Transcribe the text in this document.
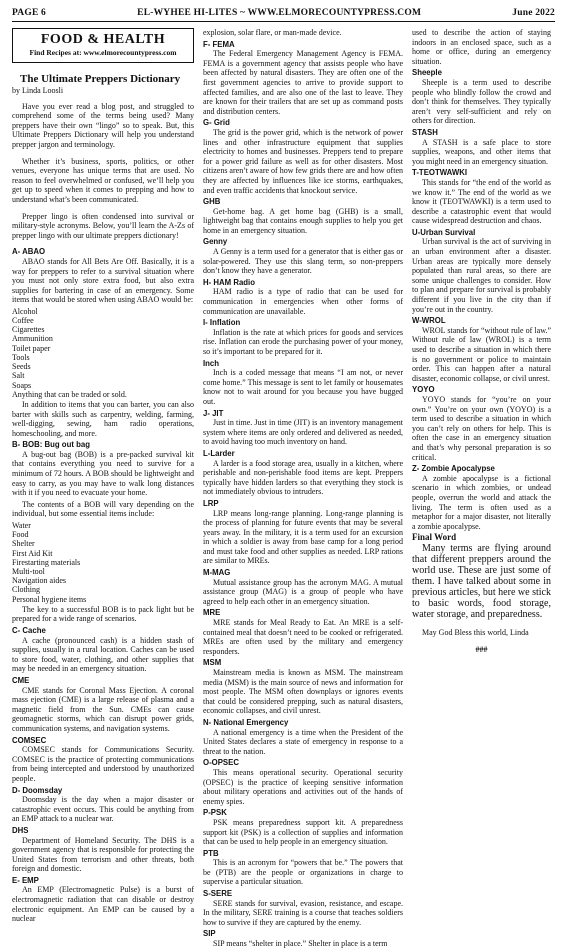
PAGE 6	EL-WYHEE HI-LITES ~ WWW.ELMORECOUNTYPRESS.COM	June 2022
FOOD & HEALTH
Find Recipes at: www.elmorecountypress.com
The Ultimate Preppers Dictionary
by Linda Loosli

Have you ever read a blog post, and struggled to comprehend some of the terms being used? Many preppers have their own “lingo” so to speak. But, this Ultimate Preppers Dictionary will help you understand prepper jargon and terminology.

Whether it’s business, sports, politics, or other venues, everyone has unique terms that are used. No reason to feel overwhelmed or confused, we’ll help you get up to speed when it comes to prepping and how to understand what’s been communicated.

Prepper lingo is often condensed into survival or military-style acronyms. Below, you’ll learn the A-Zs of prepper lingo with our ultimate preppers dictionary!

A- ABAO

ABAO stands for All Bets Are Off. Basically, it is a way for preppers to refer to a survival situation where you must not only store extra food, but also extra supplies for bartering in case of an emergency. Some items that would be stored when using ABAO would be:

Alcohol
Coffee
Cigarettes
Ammunition
Toilet paper
Tools
Seeds
Salt
Soaps
Anything that can be traded or sold.

In addition to items that you can barter, you can also barter with skills such as carpentry, welding, farming, well-digging, sewing, ham radio operations, homeschooling, and more.

B- BOB: Bug out bag

A bug-out bag (BOB) is a pre-packed survival kit that contains everything you need to survive for a minimum of 72 hours. A BOB should be lightweight and easy to carry, as you may have to walk long distances with it if you need to evacuate your home.

The contents of a BOB will vary depending on the individual, but some essential items include:

Water
Food
Shelter
First Aid Kit
Firestarting materials
Multi-tool
Navigation aides
Clothing
Personal hygiene items

The key to a successful BOB is to pack light but be prepared for a wide range of scenarios.

C- Cache

A cache (pronounced cash) is a hidden stash of supplies, usually in a rural location. Caches can be used to store food, water, clothing, and other supplies that may be needed in an emergency situation.

CME

CME stands for Coronal Mass Ejection. A coronal mass ejection (CME) is a large release of plasma and a magnetic field from the Sun. CMEs can cause geomagnetic storms, which can disrupt power grids, communication systems, and navigation systems.

COMSEC

COMSEC stands for Communications Security. COMSEC is the practice of protecting communications from being intercepted and understood by unauthorized people.

D- Doomsday

Doomsday is the day when a major disaster or catastrophic event occurs. This could be anything from an EMP attack to a nuclear war.

DHS

Department of Homeland Security. The DHS is a government agency that is responsible for protecting the United States from terrorism and other threats, both foreign and domestic.

E- EMP

An EMP (Electromagnetic Pulse) is a burst of electromagnetic radiation that can disable or destroy electronic equipment. An EMP can be caused by a nuclear

explosion, solar flare, or man-made device.

F- FEMA

The Federal Emergency Management Agency is FEMA. FEMA is a government agency that assists people who have been affected by natural disasters. They are often one of the first government agencies to arrive to provide support to affected families, and are also one of the last to leave. They are known for their trailers that are set up as command posts and distribution centers.

G- Grid

The grid is the power grid, which is the network of power lines and other infrastructure equipment that supplies electricity to homes and businesses. Preppers tend to prepare for a power grid failure as well as for other disasters. Most citizens aren’t aware of how few grids there are and how often they are affected by influences like ice storms, earthquakes, and even traffic accidents that knockout service.

GHB

Get-home bag. A get home bag (GHB) is a small, lightweight bag that contains enough supplies to help you get home in an emergency situation.

Genny

A Genny is a term used for a generator that is either gas or solar-powered. They use this slang term, so non-preppers don’t know they have a generator.

H- HAM Radio

HAM radio is a type of radio that can be used for communication in emergencies when other forms of communication are unavailable.

I- Inflation

Inflation is the rate at which prices for goods and services rise. Inflation can erode the purchasing power of your money, so it’s important to be prepared for it.

Inch

Inch is a coded message that means “I am not, or never come home.” This message is sent to let family or housemates know not to wait around for you because you have bugged out.

J- JIT

Just in time. Just in time (JIT) is an inventory management system where items are only ordered and delivered as needed, to avoid having too much inventory on hand.

L-Larder

A larder is a food storage area, usually in a kitchen, where perishable and non-perishable food items are kept. Preppers typically have hidden larders so that everything they stock is not immediately obvious to intruders.

LRP

LRP means long-range planning. Long-range planning is the process of planning for future events that may be several years away. In the military, it is a term used for an excursion in which a soldier is away from base camp for a long period and must take food and other supplies as needed. LRP rations are similar to MREs.

M-MAG

Mutual assistance group has the acronym MAG. A mutual assistance group (MAG) is a group of people who have agreed to help each other in an emergency situation.

MRE

MRE stands for Meal Ready to Eat. An MRE is a self-contained meal that doesn’t need to be cooked or refrigerated. MREs are often used by the military and emergency responders.

MSM

Mainstream media is known as MSM. The mainstream media (MSM) is the main source of news and information for most people. The MSM often downplays or ignores events that could be considered prepping, such as natural disasters, economic collapses, and civil unrest.

N- National Emergency

A national emergency is a time when the President of the United States declares a state of emergency in response to a threat to the nation.

O-OPSEC

This means operational security. Operational security (OPSEC) is the practice of keeping sensitive information about military operations and activities out of the hands of enemy spies.

P-PSK

PSK means preparedness support kit. A preparedness support kit (PSK) is a collection of supplies and information that can be used to help people in an emergency situation.

PTB

This is an acronym for “powers that be.” The powers that be (PTB) are the people or organizations in charge to supervise a particular situation.

S-SERE

SERE stands for survival, evasion, resistance, and escape. In the military, SERE training is a course that teaches soldiers how to survive if they are captured by the enemy.

SIP

SIP means “shelter in place.” Shelter in place is a term

used to describe the action of staying indoors in an enclosed space, such as a home or office, during an emergency situation.

Sheeple

Sheeple is a term used to describe people who blindly follow the crowd and don’t think for themselves. They typically aren’t very self-sufficient and rely on others for direction.

STASH

A STASH is a safe place to store supplies, weapons, and other items that you might need in an emergency situation.

T-TEOTWAWKI

This stands for “the end of the world as we know it.” The end of the world as we know it (TEOTWAWKI) is a term used to describe a catastrophic event that would cause widespread destruction and chaos.

U-Urban Survival

Urban survival is the act of surviving in an urban environment after a disaster. Urban areas are typically more densely populated than rural areas, so there are some unique challenges to consider. How to plan and prepare for survival is probably different if you live in the city than if you’re out in the country.

W-WROL

WROL stands for “without rule of law.” Without rule of law (WROL) is a term used to describe a situation in which there is no government or police to maintain order. This can happen after a natural disaster, economic collapse, or civil unrest.

YOYO

YOYO stands for “you’re on your own.” You’re on your own (YOYO) is a term used to describe a situation in which you can’t rely on others for help. This is often the case in an emergency situation and that’s why personal preparation is so critical.

Z- Zombie Apocalypse

A zombie apocalypse is a fictional scenario in which zombies, or undead people, overrun the world and attack the living. The term is often used as a metaphor for a major disaster, not literally a zombie apocalypse.

Final Word

Many terms are flying around that different preppers around the world use. These are just some of them. I have talked about some in previous articles, but here we stick to basic words, food storage, water storage, and preparedness.

May God Bless this world, Linda

###
